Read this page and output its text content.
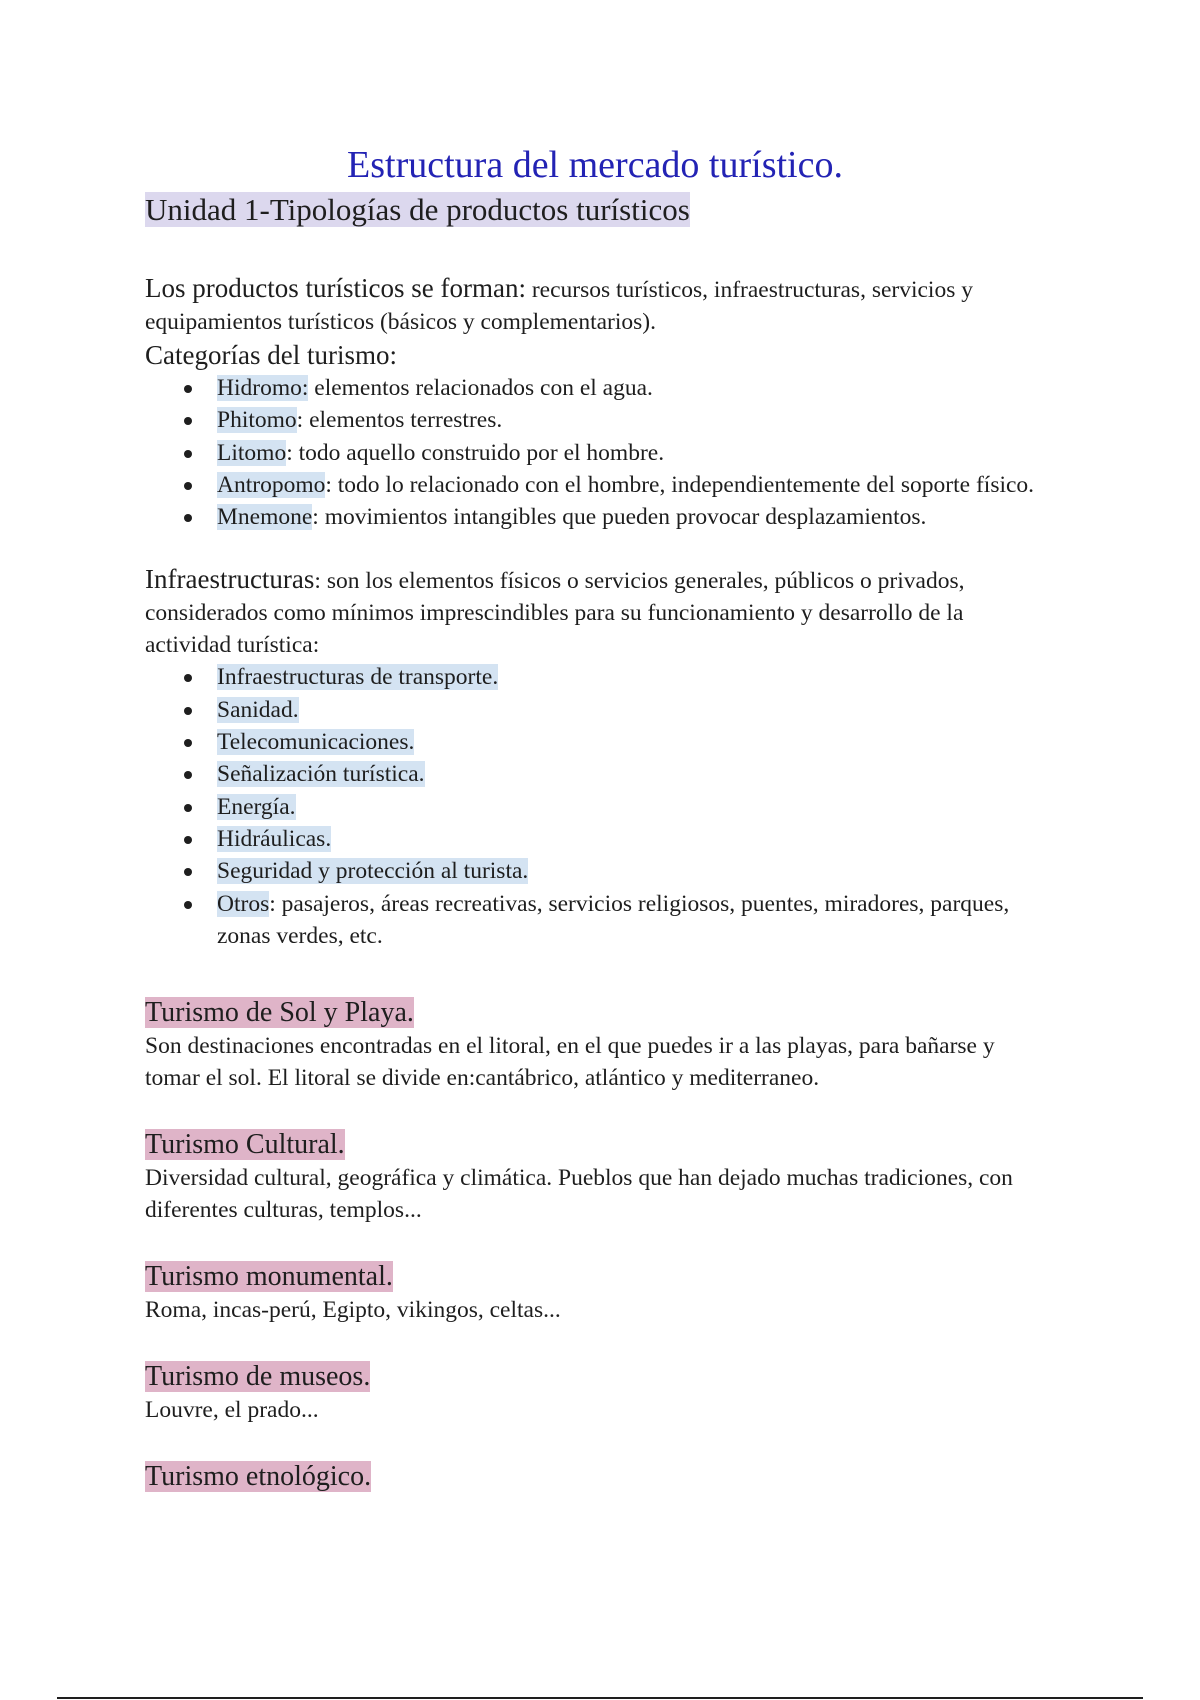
Estructura del mercado turístico.
Unidad 1-Tipologías de productos turísticos

Los productos turísticos se forman: recursos turísticos, infraestructuras, servicios y equipamientos turísticos (básicos y complementarios).

Categorías del turismo:
Hidromo: elementos relacionados con el agua.
Phitomo: elementos terrestres.
Litomo: todo aquello construido por el hombre.
Antropomo: todo lo relacionado con el hombre, independientemente del soporte físico.
Mnemone: movimientos intangibles que pueden provocar desplazamientos.

Infraestructuras: son los elementos físicos o servicios generales, públicos o privados, considerados como mínimos imprescindibles para su funcionamiento y desarrollo de la actividad turística:

Infraestructuras de transporte.
Sanidad.
Telecomunicaciones.
Señalización turística.
Energía.
Hidráulicas.
Seguridad y protección al turista.
Otros: pasajeros, áreas recreativas, servicios religiosos, puentes, miradores, parques, zonas verdes, etc.
Turismo de Sol y Playa.

Son destinaciones encontradas en el litoral, en el que puedes ir a las playas, para bañarse y tomar el sol. El litoral se divide en:cantábrico, atlántico y mediterraneo.

Turismo Cultural.

Diversidad cultural, geográfica y climática. Pueblos que han dejado muchas tradiciones, con diferentes culturas, templos...

Turismo monumental.

Roma, incas-perú, Egipto, vikingos, celtas...

Turismo de museos.

Louvre, el prado...

Turismo etnológico.
